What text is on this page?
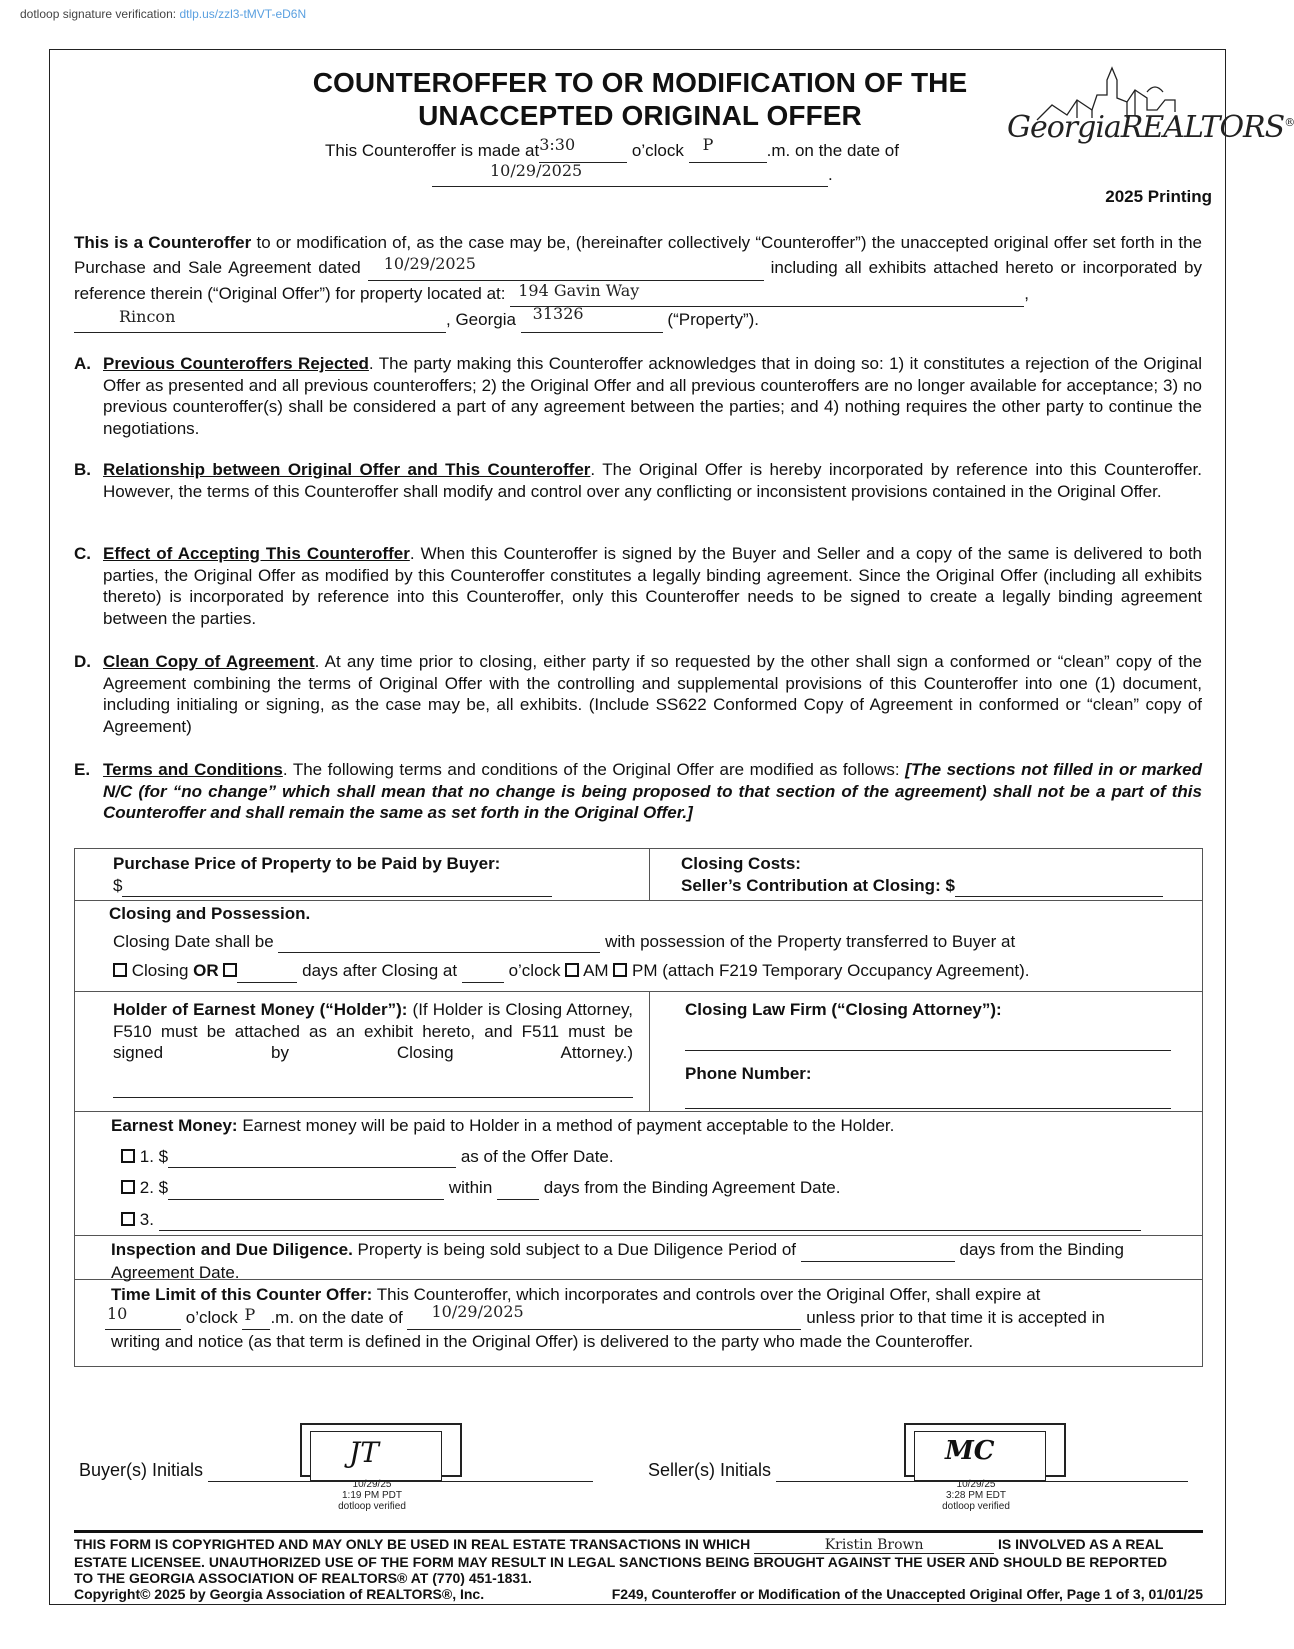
dotloop signature verification: dtlp.us/zzl3-tMVT-eD6N
COUNTEROFFER TO OR MODIFICATION OF THE
UNACCEPTED ORIGINAL OFFER	GeorgiaREALTORS®
This Counteroffer is made at 3:30	o’clock P	.m. on the date of
10/29/2025	.
2025 Printing
This is a Counteroffer to or modification of, as the case may be, (hereinafter collectively “Counteroffer”) the unaccepted original offer set forth in the Purchase and Sale Agreement dated 10/29/2025	including all exhibits attached hereto or incorporated by reference therein (“Original Offer”) for property located at: 194 Gavin Way	,

Rincon	, Georgia 31326	(“Property”).
A. Previous Counteroffers Rejected. The party making this Counteroffer acknowledges that in doing so: 1) it constitutes a rejection of the Original Offer as presented and all previous counteroffers; 2) the Original Offer and all previous counteroffers are no longer available for acceptance; 3) no previous counteroffer(s) shall be considered a part of any agreement between the parties; and 4) nothing requires the other party to continue the negotiations.
B. Relationship between Original Offer and This Counteroffer. The Original Offer is hereby incorporated by reference into this Counteroffer. However, the terms of this Counteroffer shall modify and control over any conflicting or inconsistent provisions contained in the Original Offer.
C. Effect of Accepting This Counteroffer. When this Counteroffer is signed by the Buyer and Seller and a copy of the same is delivered to both parties, the Original Offer as modified by this Counteroffer constitutes a legally binding agreement. Since the Original Offer (including all exhibits thereto) is incorporated by reference into this Counteroffer, only this Counteroffer needs to be signed to create a legally binding agreement between the parties.
D. Clean Copy of Agreement. At any time prior to closing, either party if so requested by the other shall sign a conformed or “clean” copy of the Agreement combining the terms of Original Offer with the controlling and supplemental provisions of this Counteroffer into one (1) document, including initialing or signing, as the case may be, all exhibits. (Include SS622 Conformed Copy of Agreement in conformed or “clean” copy of Agreement)
E. Terms and Conditions. The following terms and conditions of the Original Offer are modified as follows: [The sections not filled in or marked N/C (for “no change” which shall mean that no change is being proposed to that section of the agreement) shall not be a part of this Counteroffer and shall remain the same as set forth in the Original Offer.]
Purchase Price of Property to be Paid by Buyer:
$
Closing Costs:
Seller’s Contribution at Closing: $
Closing and Possession.
Closing Date shall be	with possession of the Property transferred to Buyer at
Closing OR	days after Closing at	o’clock AM PM (attach F219 Temporary Occupancy Agreement).
Holder of Earnest Money (“Holder”): (If Holder is Closing Attorney, F510 must be attached as an exhibit hereto, and F511 must be signed by Closing Attorney.)
Closing Law Firm (“Closing Attorney”):

Phone Number:

Earnest Money: Earnest money will be paid to Holder in a method of payment acceptable to the Holder.
1. $	as of the Offer Date.
2. $	within	days from the Binding Agreement Date.
3.
Inspection and Due Diligence. Property is being sold subject to a Due Diligence Period of	days from the Binding Agreement Date.
Time Limit of this Counter Offer: This Counteroffer, which incorporates and controls over the Original Offer, shall expire at
10	o’clock P .m. on the date of 10/29/2025	unless prior to that time it is accepted in
writing and notice (as that term is defined in the Original Offer) is delivered to the party who made the Counteroffer.
Buyer(s) Initials
JT
10/29/25
1:19 PM PDT
dotloop verified
Seller(s) Initials
MC
10/29/25
3:28 PM EDT
dotloop verified
THIS FORM IS COPYRIGHTED AND MAY ONLY BE USED IN REAL ESTATE TRANSACTIONS IN WHICH	Kristin Brown	IS INVOLVED AS A REAL
ESTATE LICENSEE. UNAUTHORIZED USE OF THE FORM MAY RESULT IN LEGAL SANCTIONS BEING BROUGHT AGAINST THE USER AND SHOULD BE REPORTED
TO THE GEORGIA ASSOCIATION OF REALTORS® AT (770) 451-1831.
Copyright© 2025 by Georgia Association of REALTORS®, Inc.	F249, Counteroffer or Modification of the Unaccepted Original Offer, Page 1 of 3, 01/01/25
